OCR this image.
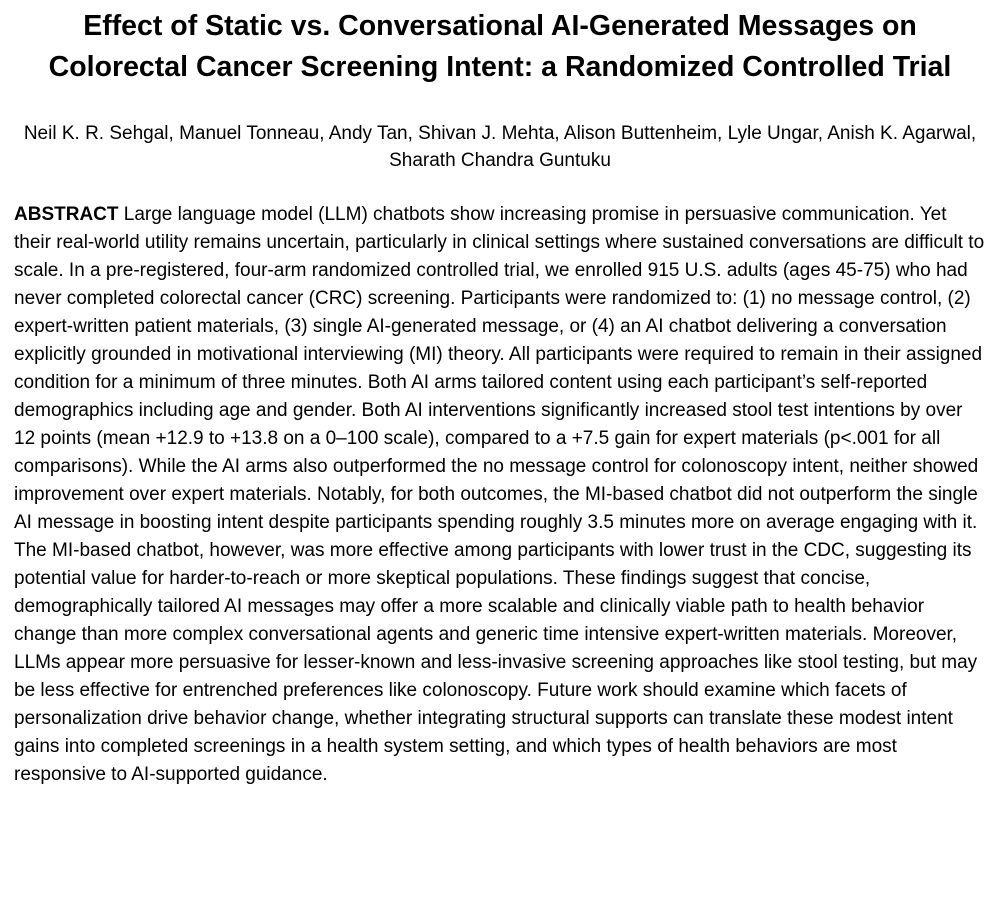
Effect of Static vs. Conversational AI-Generated Messages on Colorectal Cancer Screening Intent: a Randomized Controlled Trial

Neil K. R. Sehgal, Manuel Tonneau, Andy Tan, Shivan J. Mehta, Alison Buttenheim, Lyle Ungar, Anish K. Agarwal, Sharath Chandra Guntuku

ABSTRACT Large language model (LLM) chatbots show increasing promise in persuasive communication. Yet their real-world utility remains uncertain, particularly in clinical settings where sustained conversations are difficult to scale. In a pre-registered, four-arm randomized controlled trial, we enrolled 915 U.S. adults (ages 45-75) who had never completed colorectal cancer (CRC) screening. Participants were randomized to: (1) no message control, (2) expert-written patient materials, (3) single AI-generated message, or (4) an AI chatbot delivering a conversation explicitly grounded in motivational interviewing (MI) theory. All participants were required to remain in their assigned condition for a minimum of three minutes. Both AI arms tailored content using each participant’s self-reported demographics including age and gender. Both AI interventions significantly increased stool test intentions by over 12 points (mean +12.9 to +13.8 on a 0–100 scale), compared to a +7.5 gain for expert materials (p<.001 for all comparisons). While the AI arms also outperformed the no message control for colonoscopy intent, neither showed improvement over expert materials. Notably, for both outcomes, the MI-based chatbot did not outperform the single AI message in boosting intent despite participants spending roughly 3.5 minutes more on average engaging with it. The MI-based chatbot, however, was more effective among participants with lower trust in the CDC, suggesting its potential value for harder-to-reach or more skeptical populations. These findings suggest that concise, demographically tailored AI messages may offer a more scalable and clinically viable path to health behavior change than more complex conversational agents and generic time intensive expert-written materials. Moreover, LLMs appear more persuasive for lesser-known and less-invasive screening approaches like stool testing, but may be less effective for entrenched preferences like colonoscopy. Future work should examine which facets of personalization drive behavior change, whether integrating structural supports can translate these modest intent gains into completed screenings in a health system setting, and which types of health behaviors are most responsive to AI-supported guidance.
